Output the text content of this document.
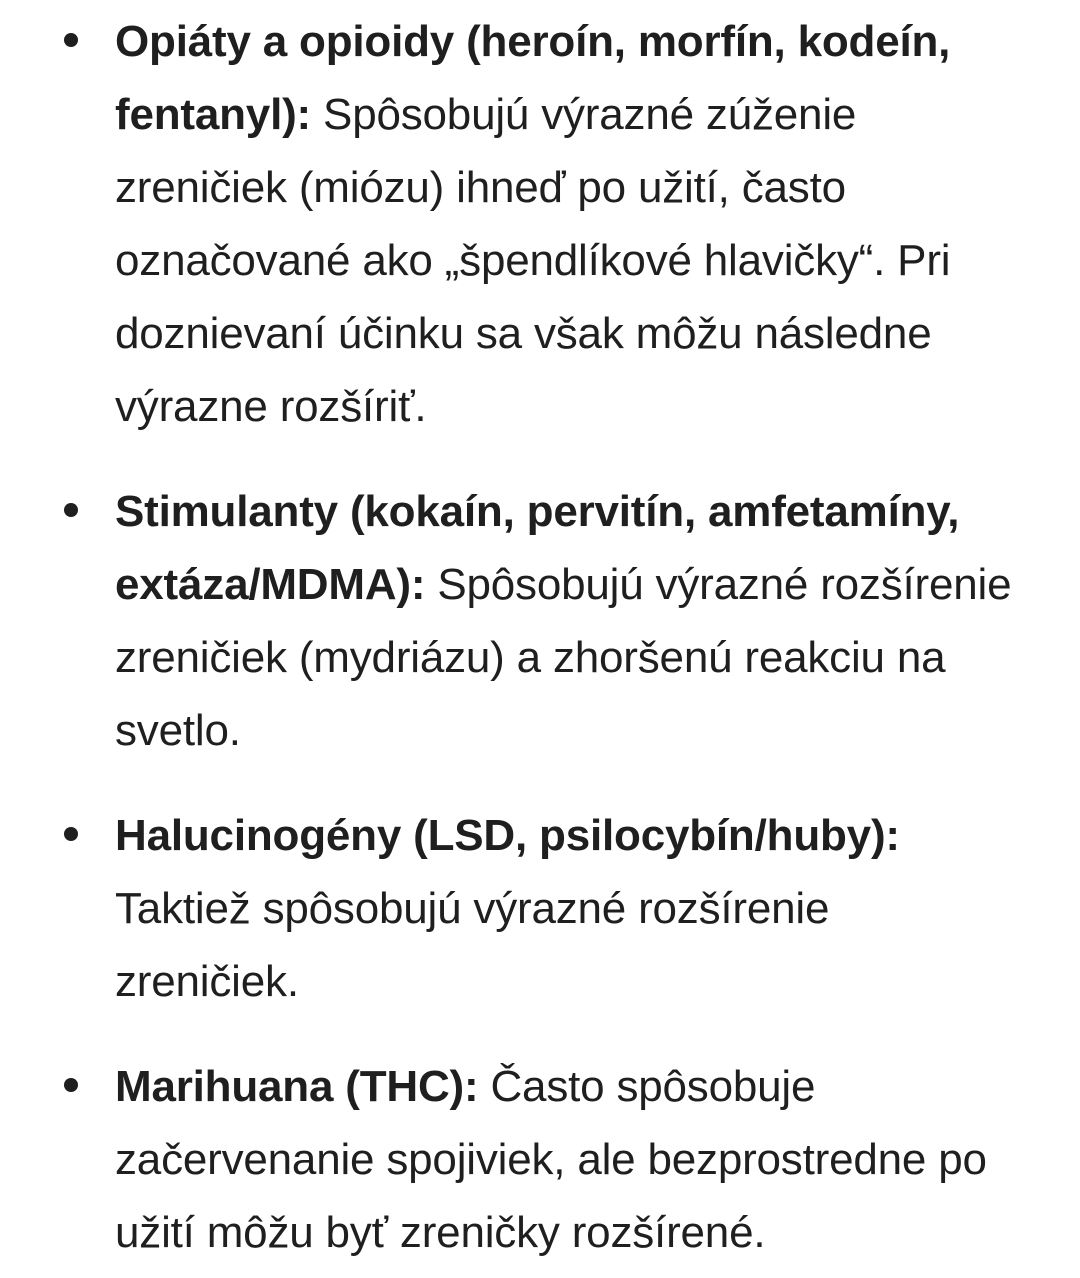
Opiáty a opioidy (heroín, morfín, kodeín, fentanyl): Spôsobujú výrazné zúženie zreničiek (miózu) ihneď po užití, často označované ako „špendlíkové hlavičky“. Pri doznievaní účinku sa však môžu následne výrazne rozšíriť.
Stimulanty (kokaín, pervitín, amfetamíny, extáza/MDMA): Spôsobujú výrazné rozšírenie zreničiek (mydriázu) a zhoršenú reakciu na svetlo.
Halucinogény (LSD, psilocybín/huby): Taktiež spôsobujú výrazné rozšírenie zreničiek.
Marihuana (THC): Často spôsobuje začervenanie spojiviek, ale bezprostredne po užití môžu byť zreničky rozšírené.
